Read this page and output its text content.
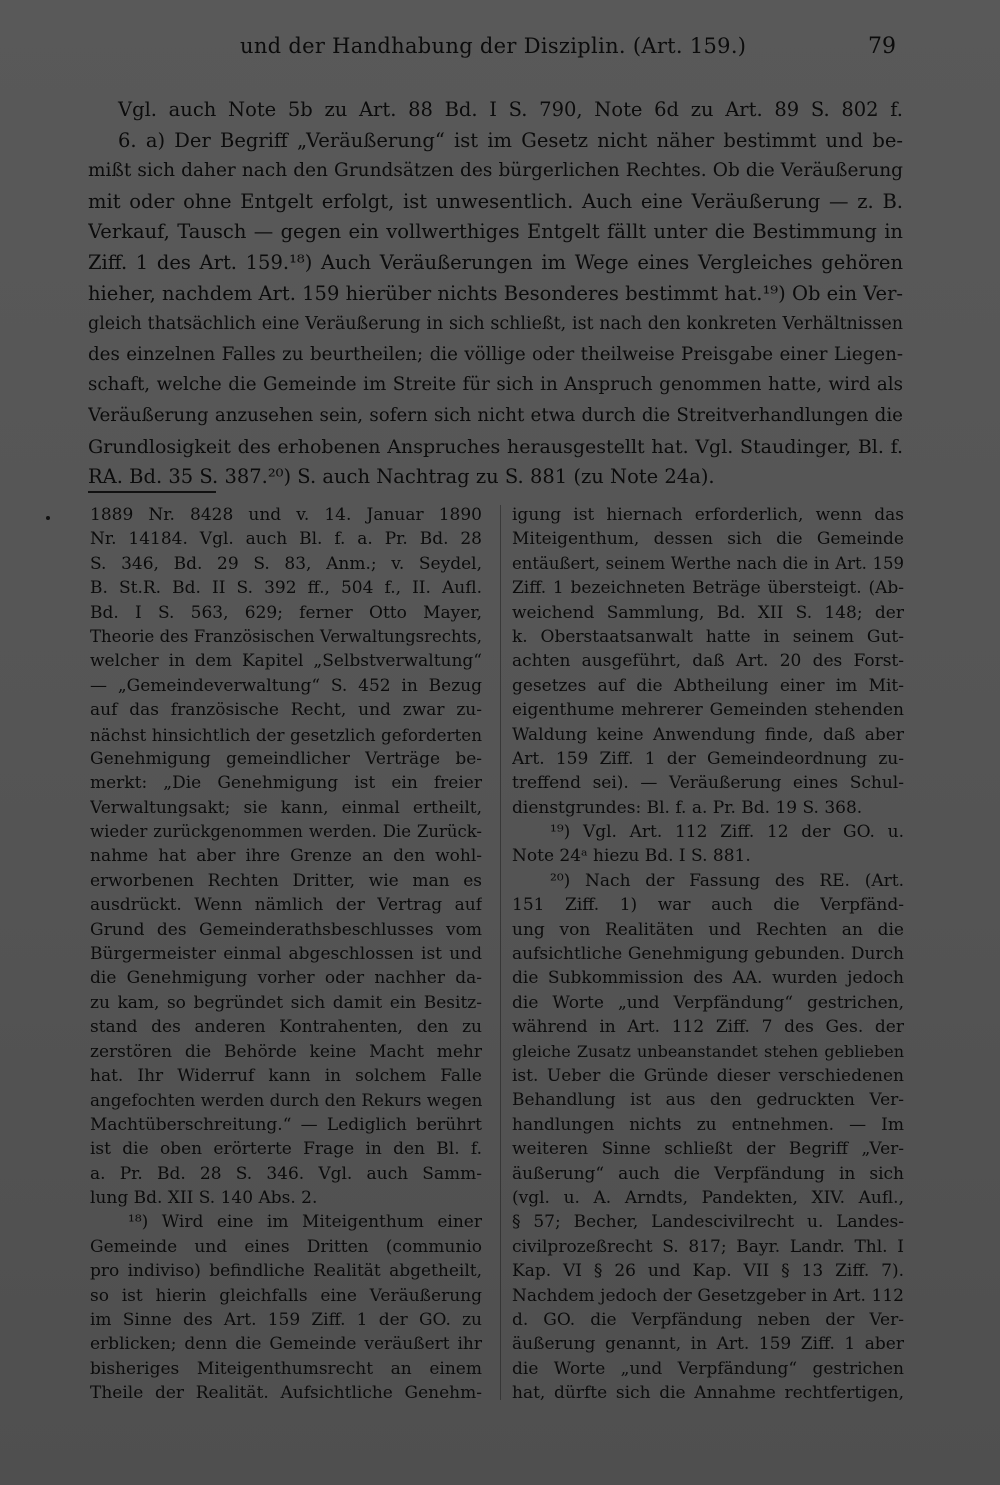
und der Handhabung der Disziplin. (Art. 159.)	79

Vgl. auch Note 5b zu Art. 88 Bd. I S. 790, Note 6d zu Art. 89 S. 802 f.
6. a) Der Begriff „Veräußerung“ ist im Gesetz nicht näher bestimmt und be-
mißt sich daher nach den Grundsätzen des bürgerlichen Rechtes. Ob die Veräußerung
mit oder ohne Entgelt erfolgt, ist unwesentlich. Auch eine Veräußerung — z. B.
Verkauf, Tausch — gegen ein vollwerthiges Entgelt fällt unter die Bestimmung in
Ziff. 1 des Art. 159.¹⁸) Auch Veräußerungen im Wege eines Vergleiches gehören
hieher, nachdem Art. 159 hierüber nichts Besonderes bestimmt hat.¹⁹) Ob ein Ver-
gleich thatsächlich eine Veräußerung in sich schließt, ist nach den konkreten Verhältnissen
des einzelnen Falles zu beurtheilen; die völlige oder theilweise Preisgabe einer Liegen-
schaft, welche die Gemeinde im Streite für sich in Anspruch genommen hatte, wird als
Veräußerung anzusehen sein, sofern sich nicht etwa durch die Streitverhandlungen die
Grundlosigkeit des erhobenen Anspruches herausgestellt hat. Vgl. Staudinger, Bl. f.
RA. Bd. 35 S. 387.²⁰) S. auch Nachtrag zu S. 881 (zu Note 24a).

1889 Nr. 8428 und v. 14. Januar 1890
Nr. 14184. Vgl. auch Bl. f. a. Pr. Bd. 28
S. 346, Bd. 29 S. 83, Anm.; v. Seydel,
B. St.R. Bd. II S. 392 ff., 504 f., II. Aufl.
Bd. I S. 563, 629; ferner Otto Mayer,
Theorie des Französischen Verwaltungsrechts,
welcher in dem Kapitel „Selbstverwaltung“
— „Gemeindeverwaltung“ S. 452 in Bezug
auf das französische Recht, und zwar zu-
nächst hinsichtlich der gesetzlich geforderten
Genehmigung gemeindlicher Verträge be-
merkt: „Die Genehmigung ist ein freier
Verwaltungsakt; sie kann, einmal ertheilt,
wieder zurückgenommen werden. Die Zurück-
nahme hat aber ihre Grenze an den wohl-
erworbenen Rechten Dritter, wie man es
ausdrückt. Wenn nämlich der Vertrag auf
Grund des Gemeinderathsbeschlusses vom
Bürgermeister einmal abgeschlossen ist und
die Genehmigung vorher oder nachher da-
zu kam, so begründet sich damit ein Besitz-
stand des anderen Kontrahenten, den zu
zerstören die Behörde keine Macht mehr
hat. Ihr Widerruf kann in solchem Falle
angefochten werden durch den Rekurs wegen
Machtüberschreitung.“ — Lediglich berührt
ist die oben erörterte Frage in den Bl. f.
a. Pr. Bd. 28 S. 346. Vgl. auch Samm-
lung Bd. XII S. 140 Abs. 2.
¹⁸) Wird eine im Miteigenthum einer
Gemeinde und eines Dritten (communio
pro indiviso) befindliche Realität abgetheilt,
so ist hierin gleichfalls eine Veräußerung
im Sinne des Art. 159 Ziff. 1 der GO. zu
erblicken; denn die Gemeinde veräußert ihr
bisheriges Miteigenthumsrecht an einem
Theile der Realität. Aufsichtliche Genehm-
igung ist hiernach erforderlich, wenn das
Miteigenthum, dessen sich die Gemeinde
entäußert, seinem Werthe nach die in Art. 159
Ziff. 1 bezeichneten Beträge übersteigt. (Ab-
weichend Sammlung, Bd. XII S. 148; der
k. Oberstaatsanwalt hatte in seinem Gut-
achten ausgeführt, daß Art. 20 des Forst-
gesetzes auf die Abtheilung einer im Mit-
eigenthume mehrerer Gemeinden stehenden
Waldung keine Anwendung finde, daß aber
Art. 159 Ziff. 1 der Gemeindeordnung zu-
treffend sei). — Veräußerung eines Schul-
dienstgrundes: Bl. f. a. Pr. Bd. 19 S. 368.
¹⁹) Vgl. Art. 112 Ziff. 12 der GO. u.
Note 24ᵃ hiezu Bd. I S. 881.
²⁰) Nach der Fassung des RE. (Art.
151 Ziff. 1) war auch die Verpfänd-
ung von Realitäten und Rechten an die
aufsichtliche Genehmigung gebunden. Durch
die Subkommission des AA. wurden jedoch
die Worte „und Verpfändung“ gestrichen,
während in Art. 112 Ziff. 7 des Ges. der
gleiche Zusatz unbeanstandet stehen geblieben
ist. Ueber die Gründe dieser verschiedenen
Behandlung ist aus den gedruckten Ver-
handlungen nichts zu entnehmen. — Im
weiteren Sinne schließt der Begriff „Ver-
äußerung“ auch die Verpfändung in sich
(vgl. u. A. Arndts, Pandekten, XIV. Aufl.,
§ 57; Becher, Landescivilrecht u. Landes-
civilprozeßrecht S. 817; Bayr. Landr. Thl. I
Kap. VI § 26 und Kap. VII § 13 Ziff. 7).
Nachdem jedoch der Gesetzgeber in Art. 112
d. GO. die Verpfändung neben der Ver-
äußerung genannt, in Art. 159 Ziff. 1 aber
die Worte „und Verpfändung“ gestrichen
hat, dürfte sich die Annahme rechtfertigen,
